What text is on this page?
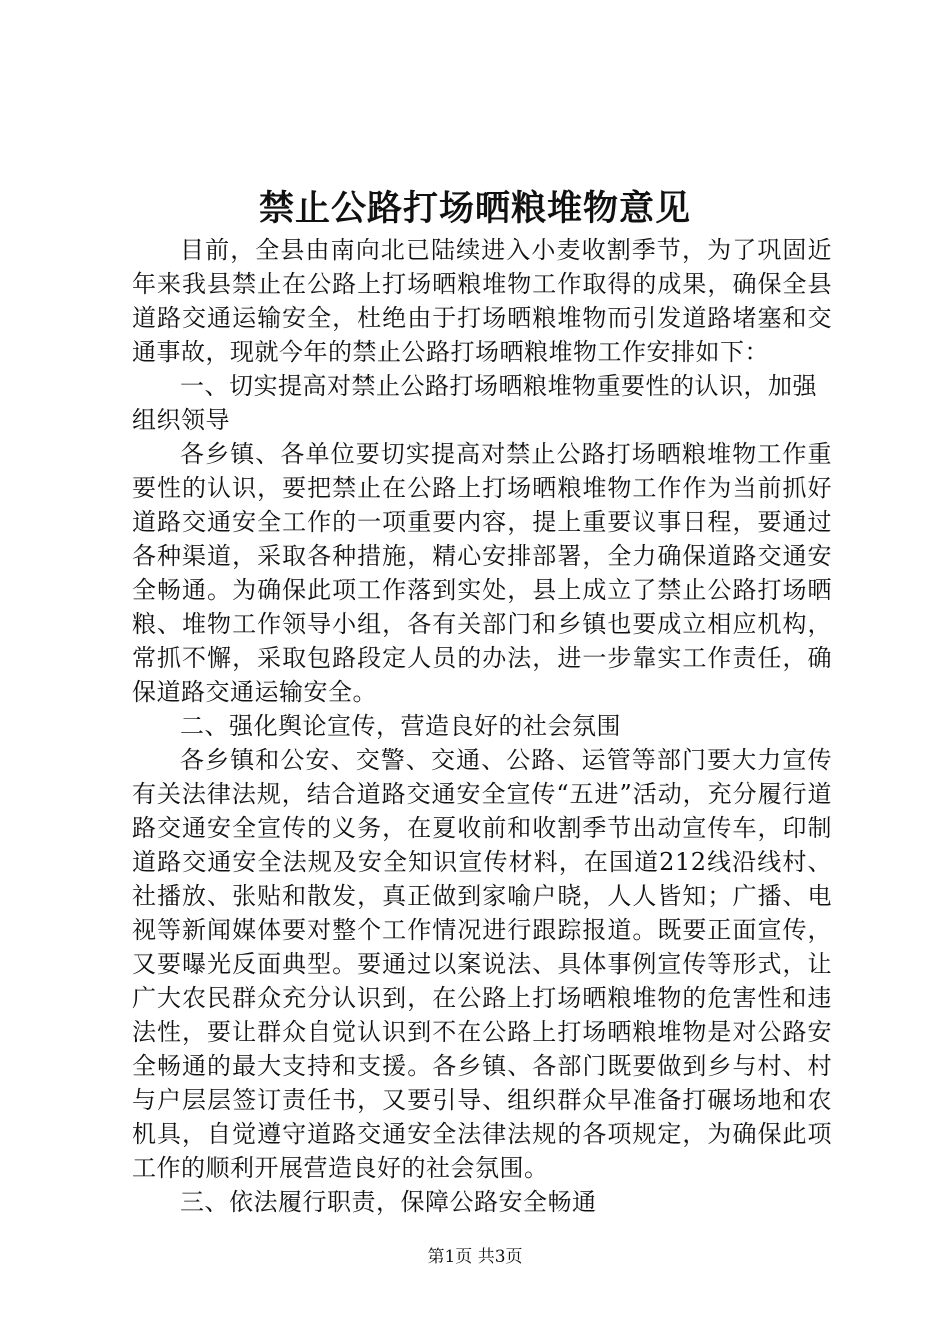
禁止公路打场晒粮堆物意见

目前，全县由南向北已陆续进入小麦收割季节，为了巩固近年来我县禁止在公路上打场晒粮堆物工作取得的成果，确保全县道路交通运输安全，杜绝由于打场晒粮堆物而引发道路堵塞和交通事故，现就今年的禁止公路打场晒粮堆物工作安排如下：

一、切实提高对禁止公路打场晒粮堆物重要性的认识，加强组织领导

各乡镇、各单位要切实提高对禁止公路打场晒粮堆物工作重要性的认识，要把禁止在公路上打场晒粮堆物工作作为当前抓好道路交通安全工作的一项重要内容，提上重要议事日程，要通过各种渠道，采取各种措施，精心安排部署，全力确保道路交通安全畅通。为确保此项工作落到实处，县上成立了禁止公路打场晒粮、堆物工作领导小组，各有关部门和乡镇也要成立相应机构，常抓不懈，采取包路段定人员的办法，进一步靠实工作责任，确保道路交通运输安全。

二、强化舆论宣传，营造良好的社会氛围

各乡镇和公安、交警、交通、公路、运管等部门要大力宣传有关法律法规，结合道路交通安全宣传“五进”活动，充分履行道路交通安全宣传的义务，在夏收前和收割季节出动宣传车，印制道路交通安全法规及安全知识宣传材料，在国道212线沿线村、社播放、张贴和散发，真正做到家喻户晓，人人皆知；广播、电视等新闻媒体要对整个工作情况进行跟踪报道。既要正面宣传，又要曝光反面典型。要通过以案说法、具体事例宣传等形式，让广大农民群众充分认识到，在公路上打场晒粮堆物的危害性和违法性，要让群众自觉认识到不在公路上打场晒粮堆物是对公路安全畅通的最大支持和支援。各乡镇、各部门既要做到乡与村、村与户层层签订责任书，又要引导、组织群众早准备打碾场地和农机具，自觉遵守道路交通安全法律法规的各项规定，为确保此项工作的顺利开展营造良好的社会氛围。

三、依法履行职责，保障公路安全畅通

第1页 共3页
